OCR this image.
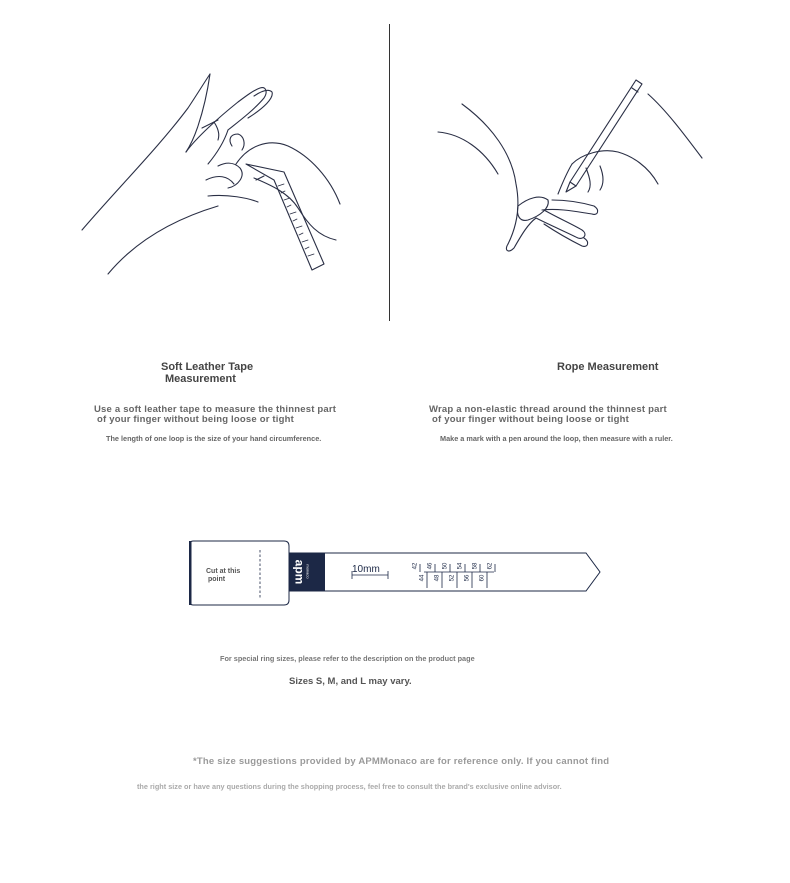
Soft Leather Tape
Measurement
Use a soft leather tape to measure the thinnest part
of your finger without being loose or tight
The length of one loop is the size of your hand circumference.
Rope Measurement
Wrap a non-elastic thread around the thinnest part
of your finger without being loose or tight
Make a mark with a pen around the loop, then measure with a ruler.
Cut at this
point	apm monaco	10mm	42 46 50 54 58 62
44 48 52 56 60
For special ring sizes, please refer to the description on the product page
Sizes S, M, and L may vary.
*The size suggestions provided by APMMonaco are for reference only. If you cannot find
the right size or have any questions during the shopping process, feel free to consult the brand's exclusive online advisor.
